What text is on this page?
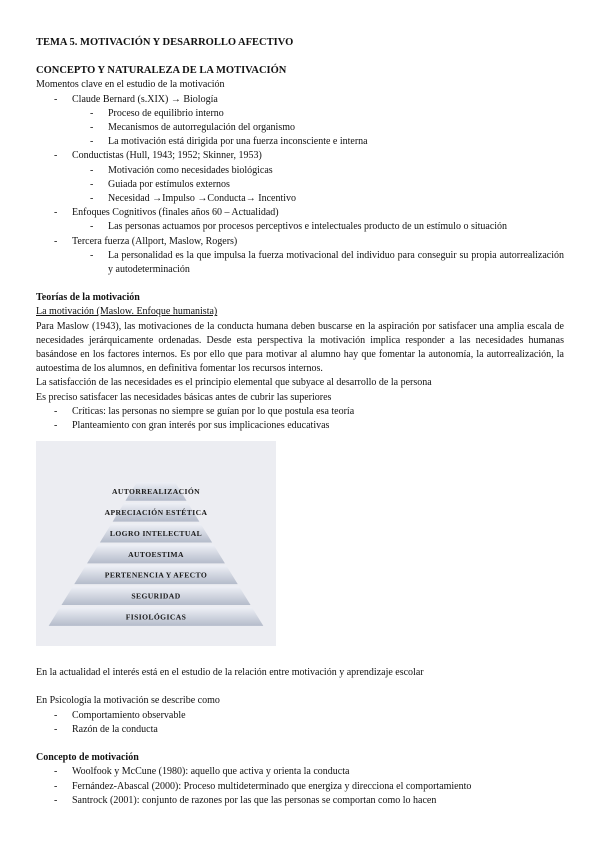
TEMA 5. MOTIVACIÓN Y DESARROLLO AFECTIVO
CONCEPTO Y NATURALEZA DE LA MOTIVACIÓN

Momentos clave en el estudio de la motivación

- Claude Bernard (s.XIX) → Biología
- Proceso de equilibrio interno
- Mecanismos de autorregulación del organismo
- La motivación está dirigida por una fuerza inconsciente e interna
- Conductistas (Hull, 1943; 1952; Skinner, 1953)
- Motivación como necesidades biológicas
- Guiada por estímulos externos
- Necesidad →Impulso →Conducta→ Incentivo
- Enfoques Cognitivos (finales años 60 – Actualidad)
- Las personas actuamos por procesos perceptivos e intelectuales producto de un estímulo o situación
- Tercera fuerza (Allport, Maslow, Rogers)
- La personalidad es la que impulsa la fuerza motivacional del individuo para conseguir su propia autorrealización y autodeterminación
Teorías de la motivación

La motivación (Maslow. Enfoque humanista)

Para Maslow (1943), las motivaciones de la conducta humana deben buscarse en la aspiración por satisfacer una amplia escala de necesidades jerárquicamente ordenadas. Desde esta perspectiva la motivación implica responder a las necesidades humanas basándose en los factores internos. Es por ello que para motivar al alumno hay que fomentar la autonomía, la autorrealización, la autoestima de los alumnos, en definitiva fomentar los recursos internos.

La satisfacción de las necesidades es el principio elemental que subyace al desarrollo de la persona

Es preciso satisfacer las necesidades básicas antes de cubrir las superiores

- Críticas: las personas no siempre se guían por lo que postula esa teoría
- Planteamiento con gran interés por sus implicaciones educativas
AUTORREALIZACIÓN
APRECIACIÓN ESTÉTICA
LOGRO INTELECTUAL
AUTOESTIMA
PERTENENCIA Y AFECTO
SEGURIDAD
FISIOLÓGICAS

En la actualidad el interés está en el estudio de la relación entre motivación y aprendizaje escolar

En Psicología la motivación se describe como

- Comportamiento observable
- Razón de la conducta
Concepto de motivación
- Woolfook y McCune (1980): aquello que activa y orienta la conducta
- Fernández-Abascal (2000): Proceso multideterminado que energiza y direcciona el comportamiento
- Santrock (2001): conjunto de razones por las que las personas se comportan como lo hacen
